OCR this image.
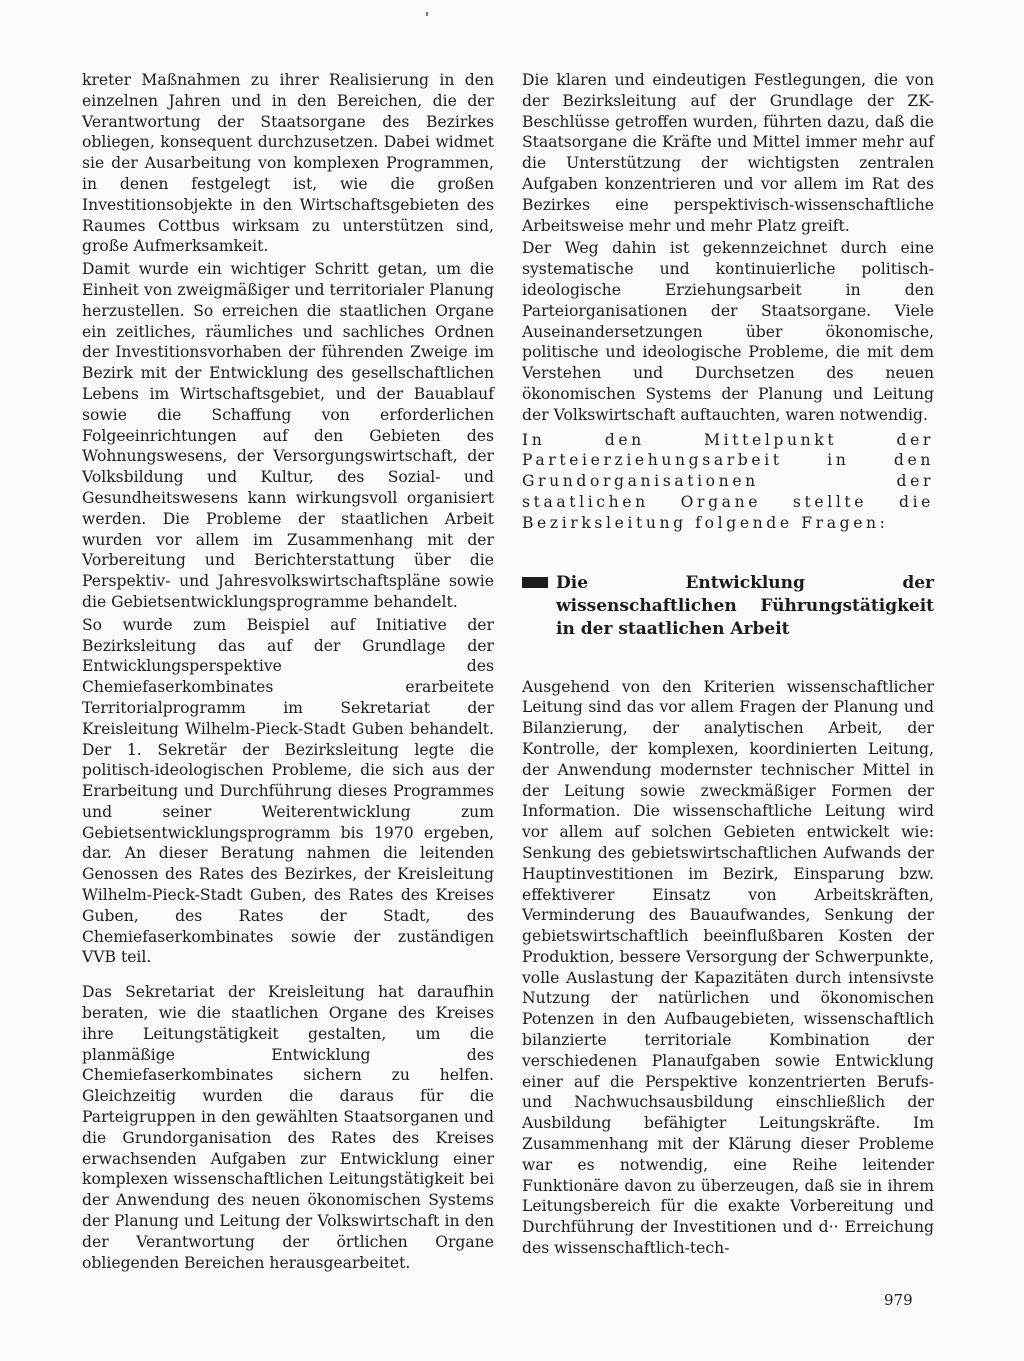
kreter Maßnahmen zu ihrer Realisierung in den einzelnen Jahren und in den Bereichen, die der Verantwortung der Staatsorgane des Bezirkes obliegen, konsequent durchzusetzen. Dabei widmet sie der Ausarbeitung von komplexen Programmen, in denen festgelegt ist, wie die großen Investitionsobjekte in den Wirtschaftsgebieten des Raumes Cottbus wirksam zu unterstützen sind, große Aufmerksamkeit.

Damit wurde ein wichtiger Schritt getan, um die Einheit von zweigmäßiger und territorialer Planung herzustellen. So erreichen die staatlichen Organe ein zeitliches, räumliches und sachliches Ordnen der Investitionsvorhaben der führenden Zweige im Bezirk mit der Entwicklung des gesellschaftlichen Lebens im Wirtschaftsgebiet, und der Bauablauf sowie die Schaffung von erforderlichen Folgeeinrichtungen auf den Gebieten des Wohnungswesens, der Versorgungswirtschaft, der Volksbildung und Kultur, des Sozial- und Gesundheitswesens kann wirkungsvoll organisiert werden. Die Probleme der staatlichen Arbeit wurden vor allem im Zusammenhang mit der Vorbereitung und Berichterstattung über die Perspektiv- und Jahresvolkswirtschaftspläne sowie die Gebietsentwicklungsprogramme behandelt.

So wurde zum Beispiel auf Initiative der Bezirksleitung das auf der Grundlage der Entwicklungsperspektive des Chemiefaserkombinates erarbeitete Territorialprogramm im Sekretariat der Kreisleitung Wilhelm-Pieck-Stadt Guben behandelt. Der 1. Sekretär der Bezirksleitung legte die politisch-ideologischen Probleme, die sich aus der Erarbeitung und Durchführung dieses Programmes und seiner Weiterentwicklung zum Gebietsentwicklungsprogramm bis 1970 ergeben, dar. An dieser Beratung nahmen die leitenden Genossen des Rates des Bezirkes, der Kreisleitung Wilhelm-Pieck-Stadt Guben, des Rates des Kreises Guben, des Rates der Stadt, des Chemiefaserkombinates sowie der zuständigen VVB teil.

Das Sekretariat der Kreisleitung hat daraufhin beraten, wie die staatlichen Organe des Kreises ihre Leitungstätigkeit gestalten, um die planmäßige Entwicklung des Chemiefaserkombinates sichern zu helfen. Gleichzeitig wurden die daraus für die Parteigruppen in den gewählten Staatsorganen und die Grundorganisation des Rates des Kreises erwachsenden Aufgaben zur Entwicklung einer komplexen wissenschaftlichen Leitungstätigkeit bei der Anwendung des neuen ökonomischen Systems der Planung und Leitung der Volkswirtschaft in den der Verantwortung der örtlichen Organe obliegenden Bereichen herausgearbeitet.

Die klaren und eindeutigen Festlegungen, die von der Bezirksleitung auf der Grundlage der ZK-Beschlüsse getroffen wurden, führten dazu, daß die Staatsorgane die Kräfte und Mittel immer mehr auf die Unterstützung der wichtigsten zentralen Aufgaben konzentrieren und vor allem im Rat des Bezirkes eine perspektivisch-wissenschaftliche Arbeitsweise mehr und mehr Platz greift.

Der Weg dahin ist gekennzeichnet durch eine systematische und kontinuierliche politisch-ideologische Erziehungsarbeit in den Parteiorganisationen der Staatsorgane. Viele Auseinandersetzungen über ökonomische, politische und ideologische Probleme, die mit dem Verstehen und Durchsetzen des neuen ökonomischen Systems der Planung und Leitung der Volkswirtschaft auftauchten, waren notwendig.

In den Mittelpunkt der Parteierziehungsarbeit in den Grundorganisationen der staatlichen Organe stellte die Bezirksleitung folgende Fragen:

Die Entwicklung der wissenschaftlichen Führungstätigkeit in der staatlichen Arbeit

Ausgehend von den Kriterien wissenschaftlicher Leitung sind das vor allem Fragen der Planung und Bilanzierung, der analytischen Arbeit, der Kontrolle, der komplexen, koordinierten Leitung, der Anwendung modernster technischer Mittel in der Leitung sowie zweckmäßiger Formen der Information. Die wissenschaftliche Leitung wird vor allem auf solchen Gebieten entwickelt wie: Senkung des gebietswirtschaftlichen Aufwands der Hauptinvestitionen im Bezirk, Einsparung bzw. effektiverer Einsatz von Arbeitskräften, Verminderung des Bauaufwandes, Senkung der gebietswirtschaftlich beeinflußbaren Kosten der Produktion, bessere Versorgung der Schwerpunkte, volle Auslastung der Kapazitäten durch intensivste Nutzung der natürlichen und ökonomischen Potenzen in den Aufbaugebieten, wissenschaftlich bilanzierte territoriale Kombination der verschiedenen Planaufgaben sowie Entwicklung einer auf die Perspektive konzentrierten Berufs- und Nachwuchsausbildung einschließlich der Ausbildung befähigter Leitungskräfte. Im Zusammenhang mit der Klärung dieser Probleme war es notwendig, eine Reihe leitender Funktionäre davon zu überzeugen, daß sie in ihrem Leitungsbereich für die exakte Vorbereitung und Durchführung der Investitionen und d·· Erreichung des wissenschaftlich-tech-

979
